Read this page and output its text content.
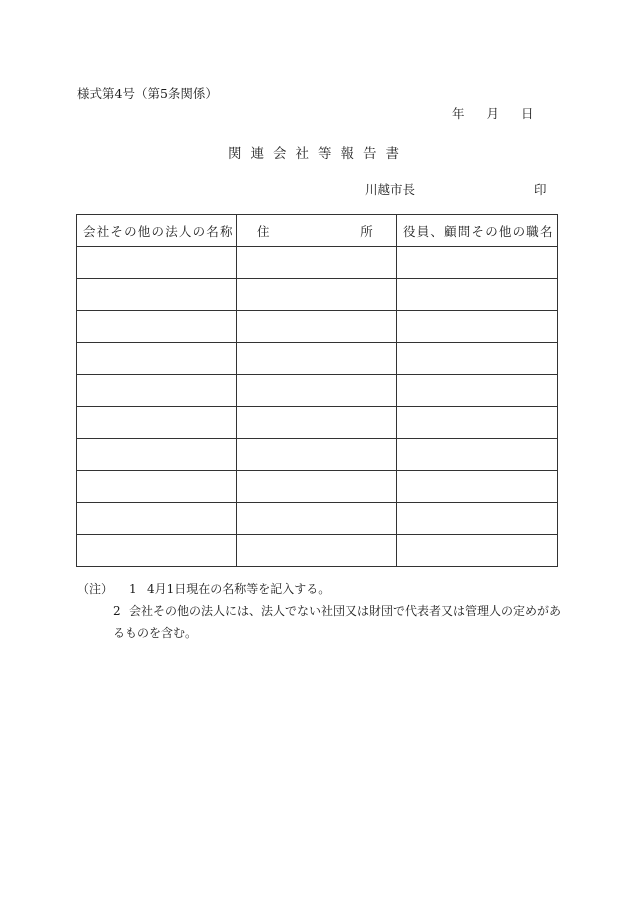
様式第4号（第5条関係）
年 月 日
関連会社等報告書
川越市長	印
会社その他の法人の名称	住 所	役員、顧問その他の職名

（注） 1 4月1日現在の名称等を記入する。
2 会社その他の法人には、法人でない社団又は財団で代表者又は管理人の定めがあ
るものを含む。
